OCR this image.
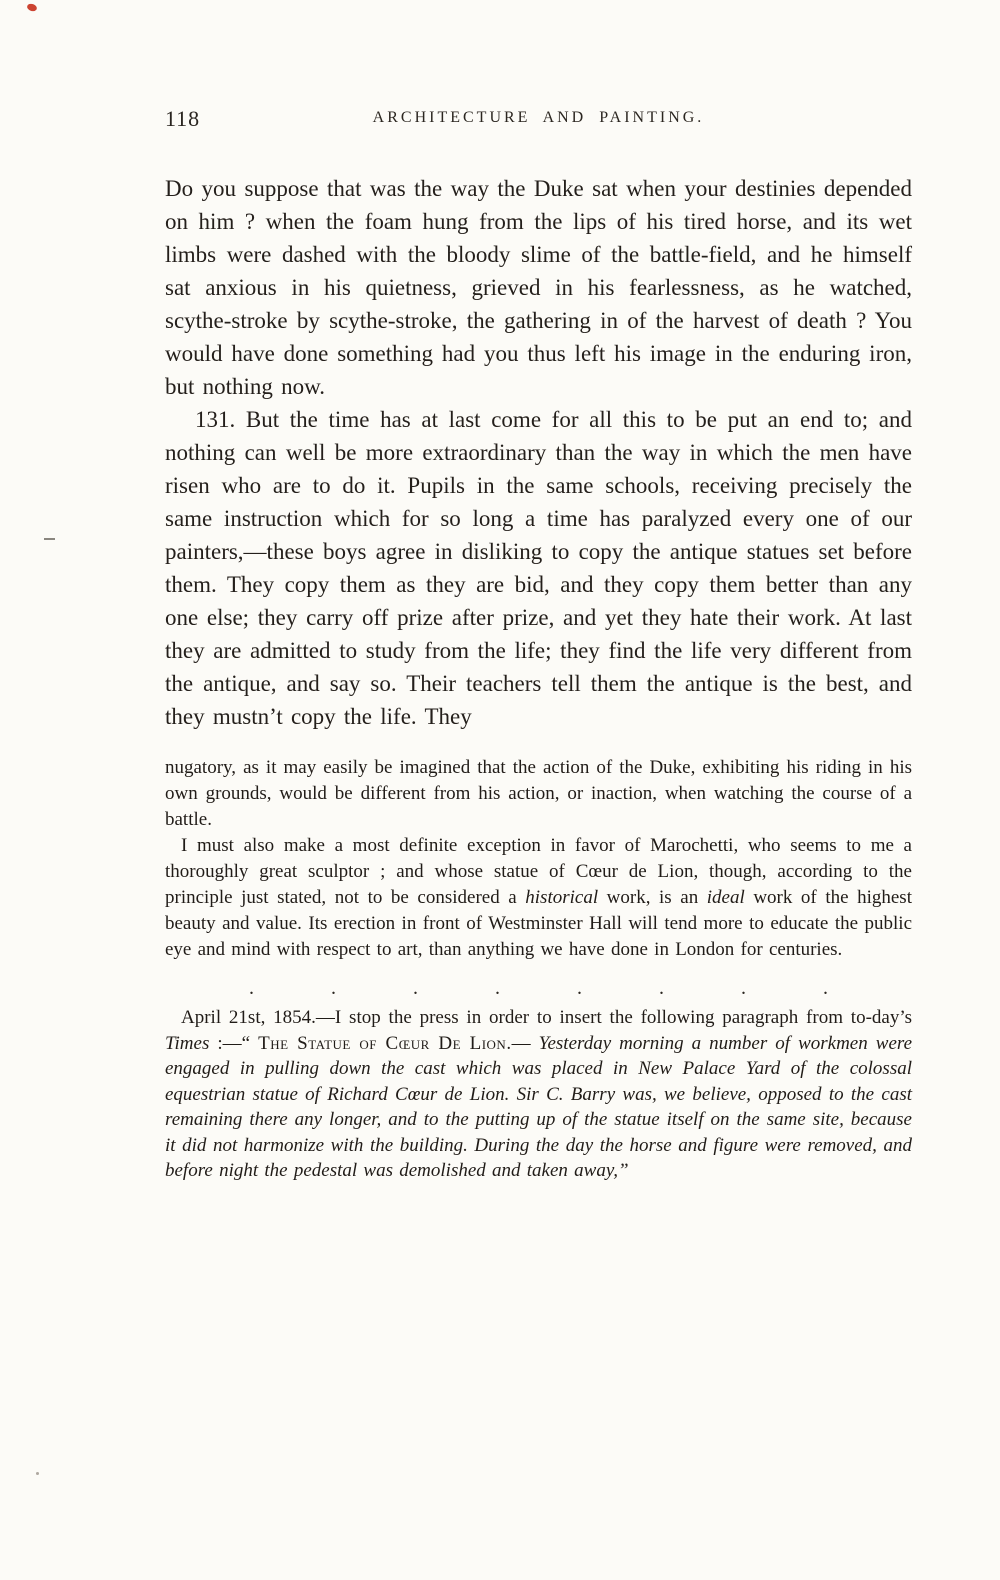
118	ARCHITECTURE AND PAINTING.

Do you suppose that was the way the Duke sat when your destinies depended on him ? when the foam hung from the lips of his tired horse, and its wet limbs were dashed with the bloody slime of the battle-field, and he himself sat anxious in his quietness, grieved in his fearlessness, as he watched, scythe-stroke by scythe-stroke, the gathering in of the harvest of death ? You would have done something had you thus left his image in the enduring iron, but nothing now.

131. But the time has at last come for all this to be put an end to; and nothing can well be more extraordinary than the way in which the men have risen who are to do it. Pupils in the same schools, receiving precisely the same instruction which for so long a time has paralyzed every one of our painters,—these boys agree in disliking to copy the antique statues set before them. They copy them as they are bid, and they copy them better than any one else; they carry off prize after prize, and yet they hate their work. At last they are admitted to study from the life; they find the life very different from the antique, and say so. Their teachers tell them the antique is the best, and they mustn’t copy the life. They

nugatory, as it may easily be imagined that the action of the Duke, exhibiting his riding in his own grounds, would be different from his action, or inaction, when watching the course of a battle.

I must also make a most definite exception in favor of Marochetti, who seems to me a thoroughly great sculptor ; and whose statue of Cœur de Lion, though, according to the principle just stated, not to be considered a historical work, is an ideal work of the highest beauty and value. Its erection in front of Westminster Hall will tend more to educate the public eye and mind with respect to art, than anything we have done in London for centuries.

. . . . . . . .

April 21st, 1854.—I stop the press in order to insert the following paragraph from to-day’s Times :—“ The Statue of Cœur De Lion.— Yesterday morning a number of workmen were engaged in pulling down the cast which was placed in New Palace Yard of the colossal equestrian statue of Richard Cœur de Lion. Sir C. Barry was, we believe, opposed to the cast remaining there any longer, and to the putting up of the statue itself on the same site, because it did not harmonize with the building. During the day the horse and figure were removed, and before night the pedestal was demolished and taken away,”
